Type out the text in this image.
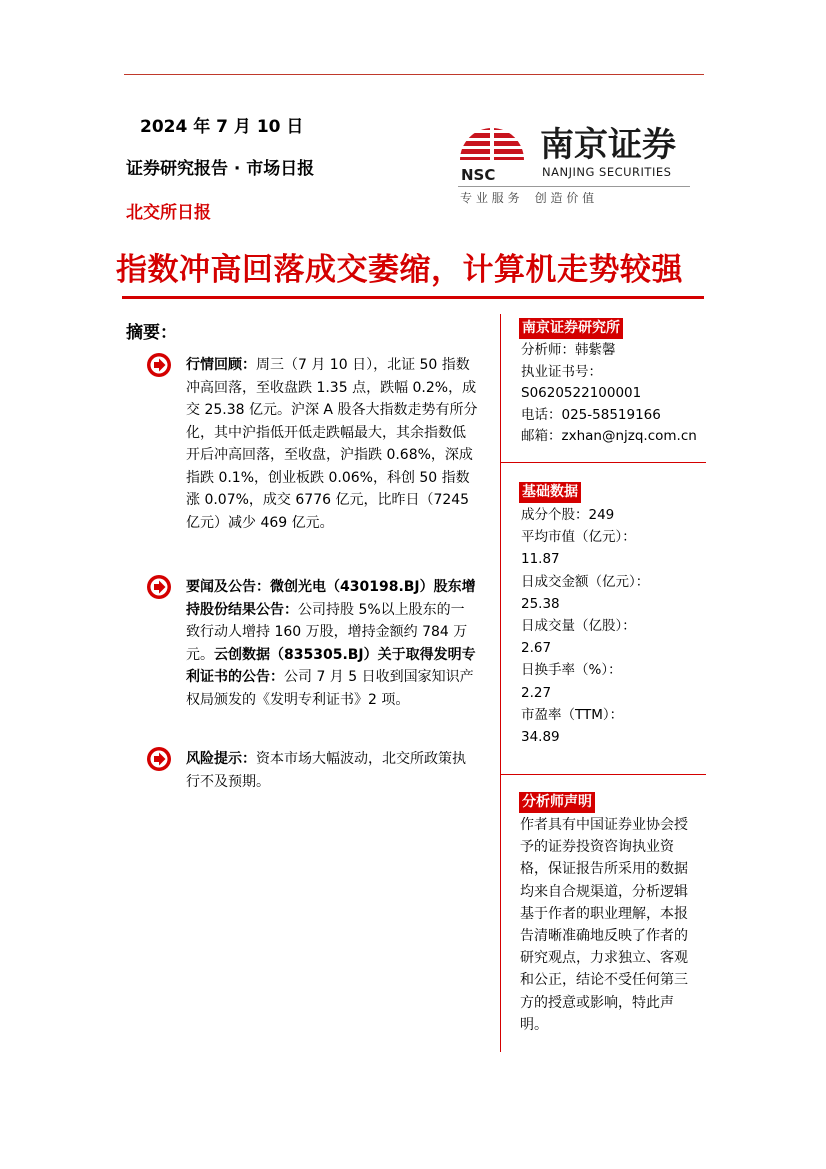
2024 年 7 月 10 日
证券研究报告 · 市场日报
北交所日报
NSC
南京证券
NANJING SECURITIES
专 业 服 务    创 造 价 值
指数冲高回落成交萎缩，计算机走势较强
摘要：
行情回顾：周三（7 月 10 日），北证 50 指数冲高回落，至收盘跌 1.35 点，跌幅 0.2%，成交 25.38 亿元。沪深 A 股各大指数走势有所分化，其中沪指低开低走跌幅最大，其余指数低开后冲高回落，至收盘，沪指跌 0.68%，深成指跌 0.1%，创业板跌 0.06%，科创 50 指数涨 0.07%，成交 6776 亿元，比昨日（7245 亿元）减少 469 亿元。
要闻及公告：微创光电（430198.BJ）股东增持股份结果公告：公司持股 5%以上股东的一致行动人增持 160 万股，增持金额约 784 万元。云创数据（835305.BJ）关于取得发明专利证书的公告：公司 7 月 5 日收到国家知识产权局颁发的《发明专利证书》2 项。
风险提示：资本市场大幅波动，北交所政策执行不及预期。
南京证券研究所
分析师：韩紫馨
执业证书号：
S0620522100001
电话：025-58519166
邮箱：zxhan@njzq.com.cn
基础数据
成分个股：249
平均市值（亿元）：
11.87
日成交金额（亿元）：
25.38
日成交量（亿股）：
2.67
日换手率（%）：
2.27
市盈率（TTM）：
34.89
分析师声明
作者具有中国证券业协会授予的证券投资咨询执业资格，保证报告所采用的数据均来自合规渠道，分析逻辑基于作者的职业理解，本报告清晰准确地反映了作者的研究观点，力求独立、客观和公正，结论不受任何第三方的授意或影响，特此声明。
